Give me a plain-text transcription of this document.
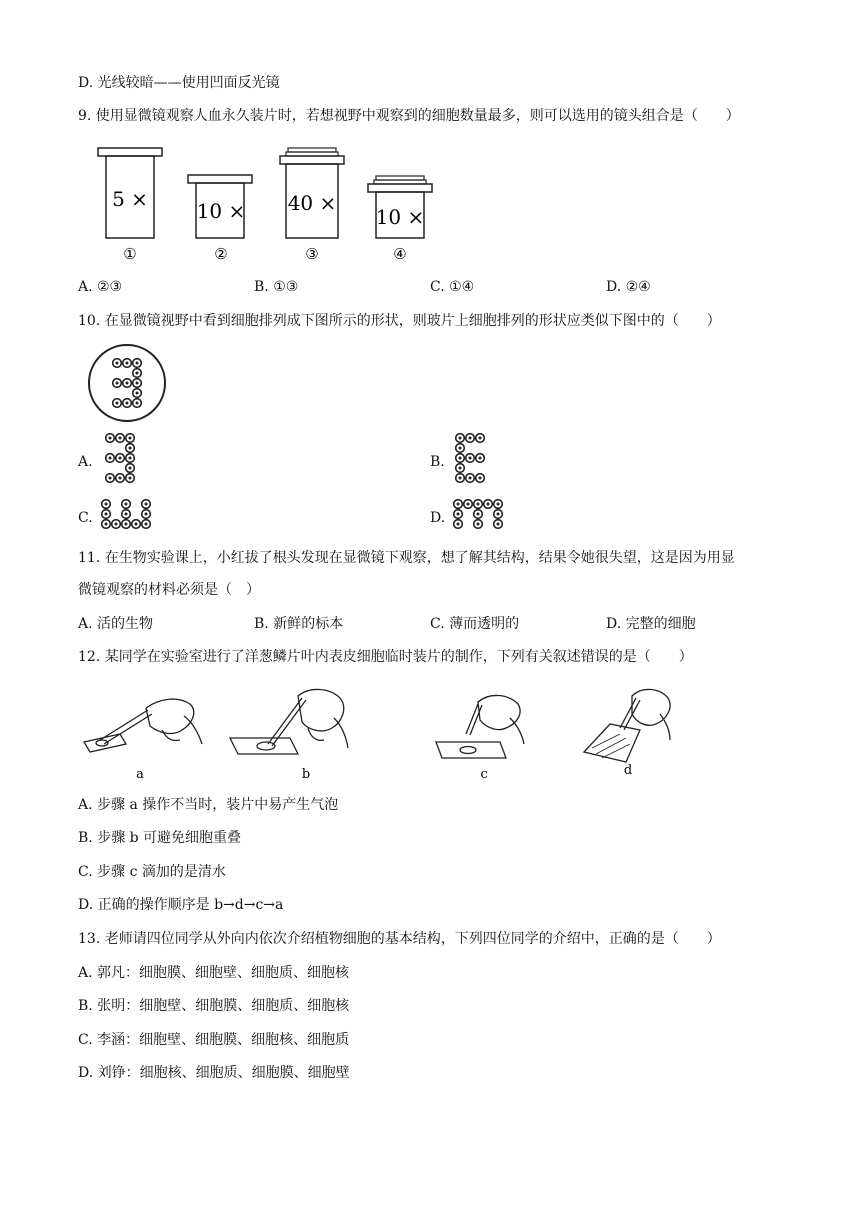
D. 光线较暗——使用凹面反光镜
9. 使用显微镜观察人血永久装片时，若想视野中观察到的细胞数量最多，则可以选用的镜头组合是（　　）
5 ×
①
10 ×
②
40 ×
③
10 ×
④
A. ②③	B. ①③	C. ①④	D. ②④
10. 在显微镜视野中看到细胞排列成下图所示的形状，则玻片上细胞排列的形状应类似下图中的（　　）
A.	B.
C.	D.
11. 在生物实验课上，小红拔了根头发现在显微镜下观察，想了解其结构，结果令她很失望，这是因为用显
微镜观察的材料必须是（　）
A. 活的生物	B. 新鲜的标本	C. 薄而透明的	D. 完整的细胞
12. 某同学在实验室进行了洋葱鳞片叶内表皮细胞临时装片的制作，下列有关叙述错误的是（　　）
a	b	c	d
A. 步骤 a 操作不当时，装片中易产生气泡
B. 步骤 b 可避免细胞重叠
C. 步骤 c 滴加的是清水
D. 正确的操作顺序是 b→d→c→a
13. 老师请四位同学从外向内依次介绍植物细胞的基本结构，下列四位同学的介绍中，正确的是（　　）
A. 郭凡：细胞膜、细胞壁、细胞质、细胞核
B. 张明：细胞壁、细胞膜、细胞质、细胞核
C. 李涵：细胞壁、细胞膜、细胞核、细胞质
D. 刘铮：细胞核、细胞质、细胞膜、细胞壁
